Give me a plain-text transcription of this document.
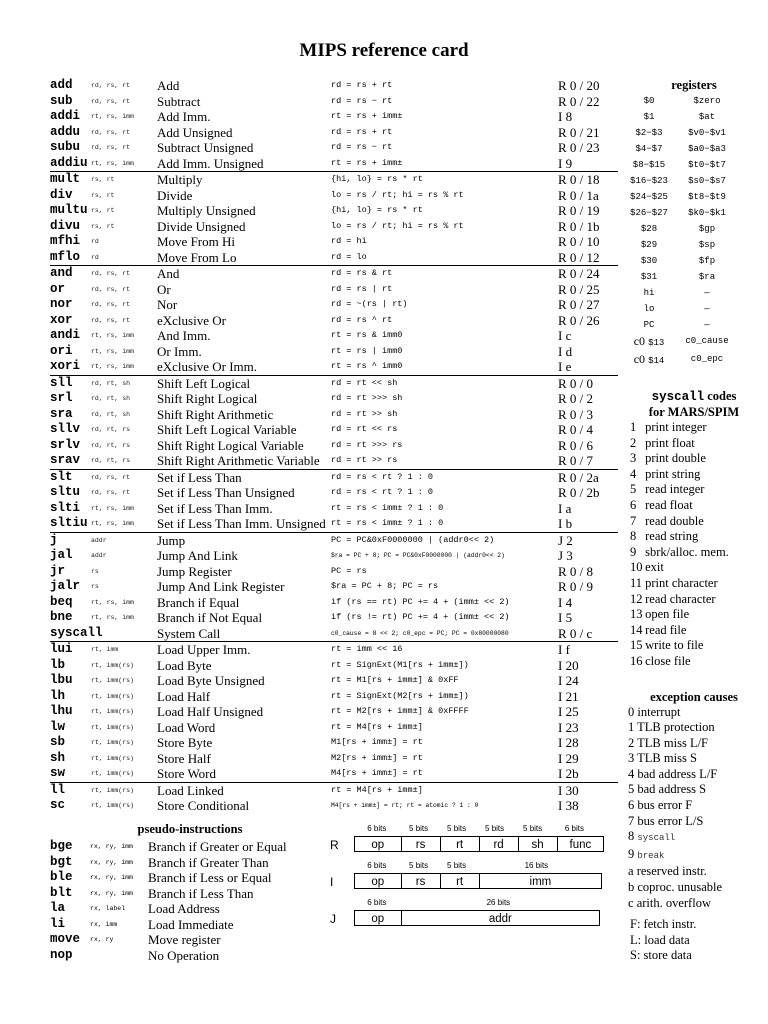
MIPS reference card
add	rd, rs, rt	Add	rd = rs + rt	R 0 / 20
sub	rd, rs, rt	Subtract	rd = rs − rt	R 0 / 22
addi	rt, rs, imm	Add Imm.	rt = rs + imm±	I 8
addu	rd, rs, rt	Add Unsigned	rd = rs + rt	R 0 / 21
subu	rd, rs, rt	Subtract Unsigned	rd = rs − rt	R 0 / 23
addiu	rt, rs, imm	Add Imm. Unsigned	rt = rs + imm±	I 9
mult	rs, rt	Multiply	{hi, lo} = rs * rt	R 0 / 18
div	rs, rt	Divide	lo = rs / rt; hi = rs % rt	R 0 / 1a
multu	rs, rt	Multiply Unsigned	{hi, lo} = rs * rt	R 0 / 19
divu	rs, rt	Divide Unsigned	lo = rs / rt; hi = rs % rt	R 0 / 1b
mfhi	rd	Move From Hi	rd = hi	R 0 / 10
mflo	rd	Move From Lo	rd = lo	R 0 / 12
and	rd, rs, rt	And	rd = rs & rt	R 0 / 24
or	rd, rs, rt	Or	rd = rs | rt	R 0 / 25
nor	rd, rs, rt	Nor	rd = ~(rs | rt)	R 0 / 27
xor	rd, rs, rt	eXclusive Or	rd = rs ^ rt	R 0 / 26
andi	rt, rs, imm	And Imm.	rt = rs & imm0	I c
ori	rt, rs, imm	Or Imm.	rt = rs | imm0	I d
xori	rt, rs, imm	eXclusive Or Imm.	rt = rs ^ imm0	I e
sll	rd, rt, sh	Shift Left Logical	rd = rt << sh	R 0 / 0
srl	rd, rt, sh	Shift Right Logical	rd = rt >>> sh	R 0 / 2
sra	rd, rt, sh	Shift Right Arithmetic	rd = rt >> sh	R 0 / 3
sllv	rd, rt, rs	Shift Left Logical Variable	rd = rt << rs	R 0 / 4
srlv	rd, rt, rs	Shift Right Logical Variable	rd = rt >>> rs	R 0 / 6
srav	rd, rt, rs	Shift Right Arithmetic Variable	rd = rt >> rs	R 0 / 7
slt	rd, rs, rt	Set if Less Than	rd = rs < rt ? 1 : 0	R 0 / 2a
sltu	rd, rs, rt	Set if Less Than Unsigned	rd = rs < rt ? 1 : 0	R 0 / 2b
slti	rt, rs, imm	Set if Less Than Imm.	rt = rs < imm± ? 1 : 0	I a
sltiu	rt, rs, imm	Set if Less Than Imm. Unsigned	rt = rs < imm± ? 1 : 0	I b
j	addr	Jump	PC = PC&0xF0000000 | (addr0<< 2)	J 2
jal	addr	Jump And Link	$ra = PC + 8; PC = PC&0xF0000000 | (addr0<< 2)	J 3
jr	rs	Jump Register	PC = rs	R 0 / 8
jalr	rs	Jump And Link Register	$ra = PC + 8; PC = rs	R 0 / 9
beq	rt, rs, imm	Branch if Equal	if (rs == rt) PC += 4 + (imm± << 2)	I 4
bne	rt, rs, imm	Branch if Not Equal	if (rs != rt) PC += 4 + (imm± << 2)	I 5
syscall		System Call	c0_cause = 8 << 2; c0_epc = PC; PC = 0x80000080	R 0 / c
lui	rt, imm	Load Upper Imm.	rt = imm << 16	I f
lb	rt, imm(rs)	Load Byte	rt = SignExt(M1[rs + imm±])	I 20
lbu	rt, imm(rs)	Load Byte Unsigned	rt = M1[rs + imm±] & 0xFF	I 24
lh	rt, imm(rs)	Load Half	rt = SignExt(M2[rs + imm±])	I 21
lhu	rt, imm(rs)	Load Half Unsigned	rt = M2[rs + imm±] & 0xFFFF	I 25
lw	rt, imm(rs)	Load Word	rt = M4[rs + imm±]	I 23
sb	rt, imm(rs)	Store Byte	M1[rs + imm±] = rt	I 28
sh	rt, imm(rs)	Store Half	M2[rs + imm±] = rt	I 29
sw	rt, imm(rs)	Store Word	M4[rs + imm±] = rt	I 2b
ll	rt, imm(rs)	Load Linked	rt = M4[rs + imm±]	I 30
sc	rt, imm(rs)	Store Conditional	M4[rs + imm±] = rt; rt = atomic ? 1 : 0	I 38
registers
$0	$zero
$1	$at
$2−$3	$v0−$v1
$4−$7	$a0−$a3
$8−$15	$t0−$t7
$16−$23	$s0−$s7
$24−$25	$t8−$t9
$26−$27	$k0−$k1
$28	$gp
$29	$sp
$30	$fp
$31	$ra
hi	—
lo	—
PC	—
c0 $13	c0_cause
c0 $14	c0_epc
syscall codes
for MARS/SPIM
1 print integer
2 print float
3 print double
4 print string
5 read integer
6 read float
7 read double
8 read string
9 sbrk/alloc. mem.
10 exit
11 print character
12 read character
13 open file
14 read file
15 write to file
16 close file
exception causes
0 interrupt
1 TLB protection
2 TLB miss L/F
3 TLB miss S
4 bad address L/F
5 bad address S
6 bus error F
7 bus error L/S
8 syscall
9 break
a reserved instr.
b coproc. unusable
c arith. overflow
F: fetch instr.
L: load data
S: store data
pseudo-instructions
bge	rx, ry, imm	Branch if Greater or Equal
bgt	rx, ry, imm	Branch if Greater Than
ble	rx, ry, imm	Branch if Less or Equal
blt	rx, ry, imm	Branch if Less Than
la	rx, label	Load Address
li	rx, imm	Load Immediate
move	rx, ry	Move register
nop		No Operation
R
6 bits	5 bits	5 bits	5 bits	5 bits	6 bits
op	rs	rt	rd	sh	func
I
6 bits	5 bits	5 bits	16 bits
op	rs	rt	imm
J
6 bits	26 bits
op	addr
